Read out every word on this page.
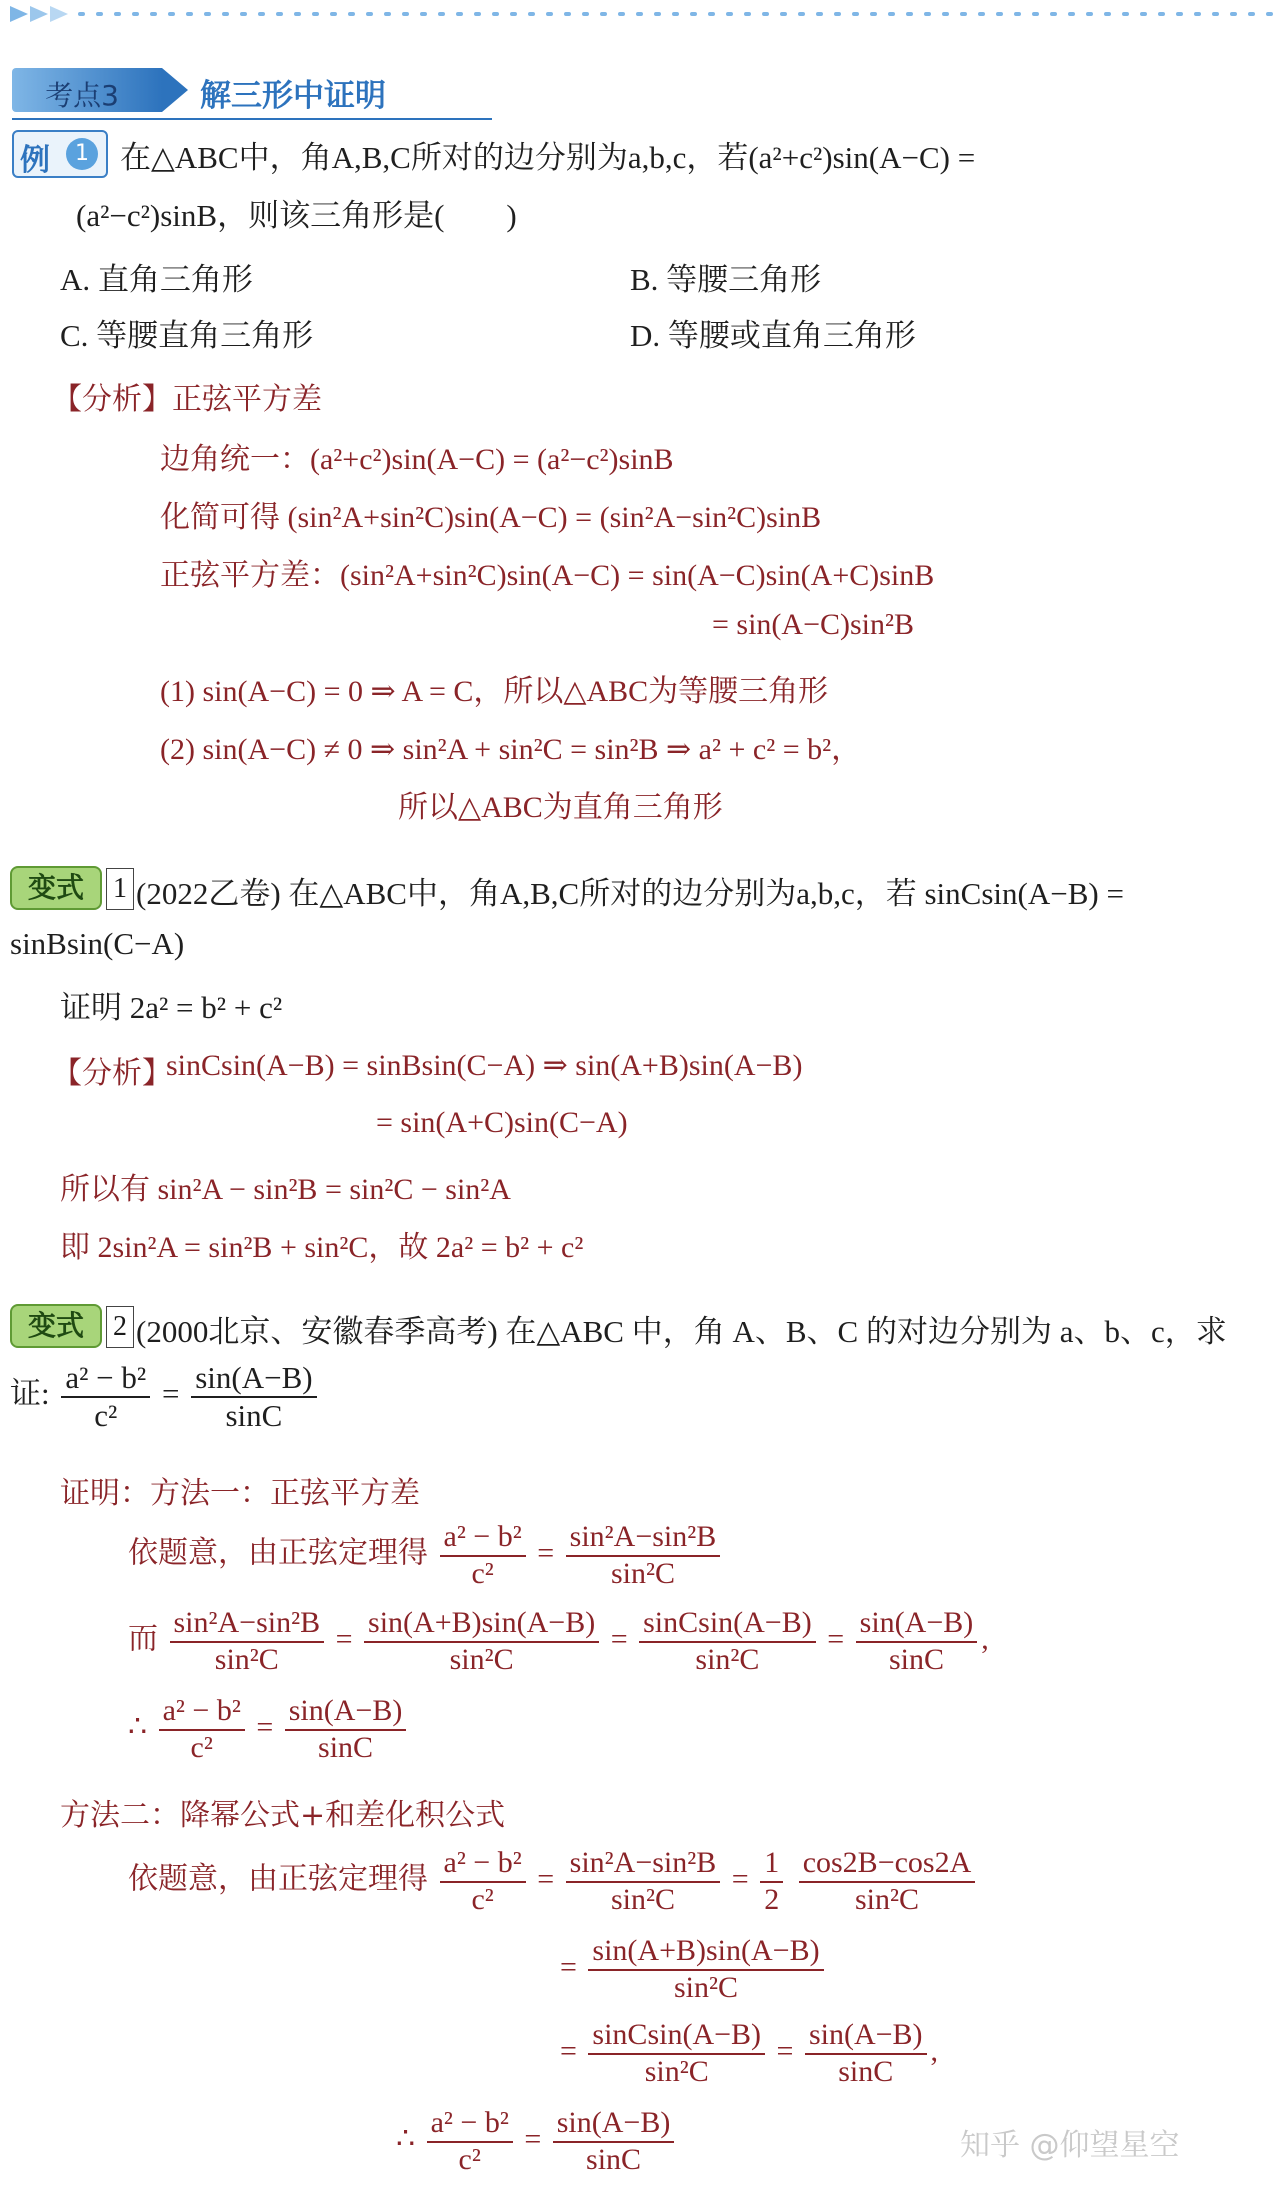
考点3	解三形中证明
例	1 在△ABC中，角A,B,C所对的边分别为a,b,c，若(a²+c²)sin(A−C) =
(a²−c²)sinB，则该三角形是(　　)
A. 直角三角形	B. 等腰三角形
C. 等腰直角三角形	D. 等腰或直角三角形
【分析】正弦平方差
边角统一：(a²+c²)sin(A−C) = (a²−c²)sinB
化简可得 (sin²A+sin²C)sin(A−C) = (sin²A−sin²C)sinB
正弦平方差：(sin²A+sin²C)sin(A−C) = sin(A−C)sin(A+C)sinB
= sin(A−C)sin²B
(1) sin(A−C) = 0 ⇒ A = C，所以△ABC为等腰三角形
(2) sin(A−C) ≠ 0 ⇒ sin²A + sin²C = sin²B ⇒ a² + c² = b²，
所以△ABC为直角三角形
变式	1 (2022乙卷) 在△ABC中，角A,B,C所对的边分别为a,b,c，若 sinCsin(A−B) =
sinBsin(C−A)
证明 2a² = b² + c²
【分析】
sinCsin(A−B) = sinBsin(C−A) ⇒ sin(A+B)sin(A−B)
= sin(A+C)sin(C−A)
所以有 sin²A − sin²B = sin²C − sin²A
即 2sin²A = sin²B + sin²C，故 2a² = b² + c²
变式	2 (2000北京、安徽春季高考) 在△ABC 中，角 A、B、C 的对边分别为 a、b、c，求
证: $\frac{\text{a² − b²}}{\text{c²}} = \frac{\sin(A-B)}{\sin C}$
证明：方法一：正弦平方差
依题意，由正弦定理得 $\frac{\text{a² − b²}}{\text{c²}} = \frac{\text{sin²A−sin²B}}{\text{sin²C}}$
而 $\frac{\text{sin²A−sin²B}}{\text{sin²C}} = \frac{\sin(A+B)\sin(A-B)}{\text{sin²C}} = \frac{\text{sinCsin(A−B)}}{\text{sin²C}} = \frac{\sin(A-B)}{\sin C}$ ,
∴ $\frac{\text{a² − b²}}{\text{c²}} = \frac{\sin(A-B)}{\sin C}$
方法二：降幂公式+和差化积公式
依题意，由正弦定理得 $\frac{\text{a² − b²}}{\text{c²}} = \frac{\text{sin²A−sin²B}}{\text{sin²C}} = \frac{1}{2}$
$\frac{\cos 2B-\cos 2A}{\text{sin²C}}$
= $\frac{\sin(A+B)\sin(A-B)}{\text{sin²C}}$
= $\frac{\text{sinCsin(A−B)}}{\text{sin²C}} = \frac{\sin(A-B)}{\sin C}$ ,
∴ $\frac{\text{a² − b²}}{\text{c²}} = \frac{\sin(A-B)}{\sin C}$	知乎 @仰望星空
